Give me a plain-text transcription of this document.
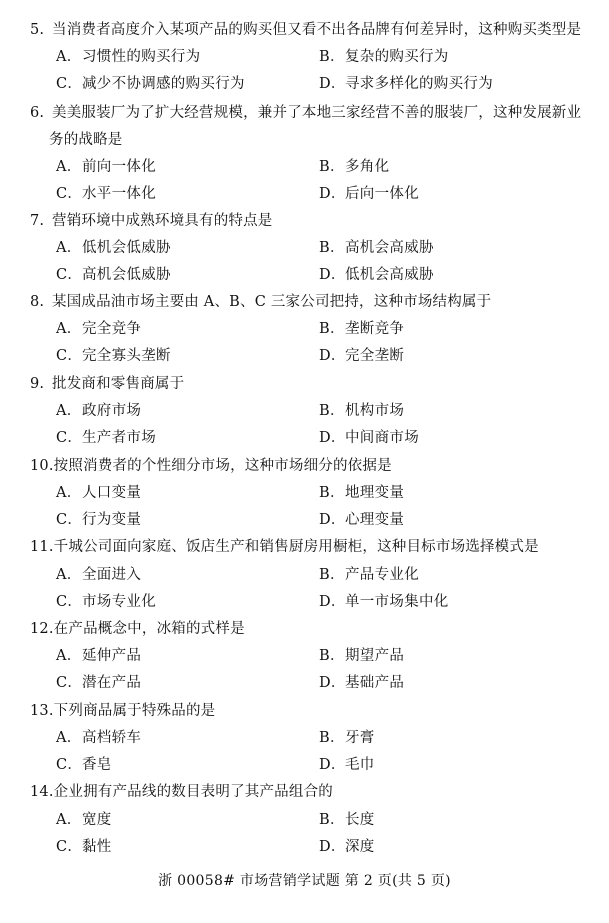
5. 当消费者高度介入某项产品的购买但又看不出各品牌有何差异时，这种购买类型是
A．习惯性的购买行为	B．复杂的购买行为
C．减少不协调感的购买行为	D．寻求多样化的购买行为
6. 美美服装厂为了扩大经营规模，兼并了本地三家经营不善的服装厂，这种发展新业
务的战略是
A．前向一体化	B．多角化
C．水平一体化	D．后向一体化
7. 营销环境中成熟环境具有的特点是
A．低机会低威胁	B．高机会高威胁
C．高机会低威胁	D．低机会高威胁
8. 某国成品油市场主要由 A、B、C 三家公司把持，这种市场结构属于
A．完全竞争	B．垄断竞争
C．完全寡头垄断	D．完全垄断
9. 批发商和零售商属于
A．政府市场	B．机构市场
C．生产者市场	D．中间商市场
10.按照消费者的个性细分市场，这种市场细分的依据是
A．人口变量	B．地理变量
C．行为变量	D．心理变量
11.千城公司面向家庭、饭店生产和销售厨房用橱柜，这种目标市场选择模式是
A．全面进入	B．产品专业化
C．市场专业化	D．单一市场集中化
12.在产品概念中，冰箱的式样是
A．延伸产品	B．期望产品
C．潜在产品	D．基础产品
13.下列商品属于特殊品的是
A．高档轿车	B．牙膏
C．香皂	D．毛巾
14.企业拥有产品线的数目表明了其产品组合的
A．宽度	B．长度
C．黏性	D．深度
浙 00058# 市场营销学试题 第 2 页(共 5 页)
